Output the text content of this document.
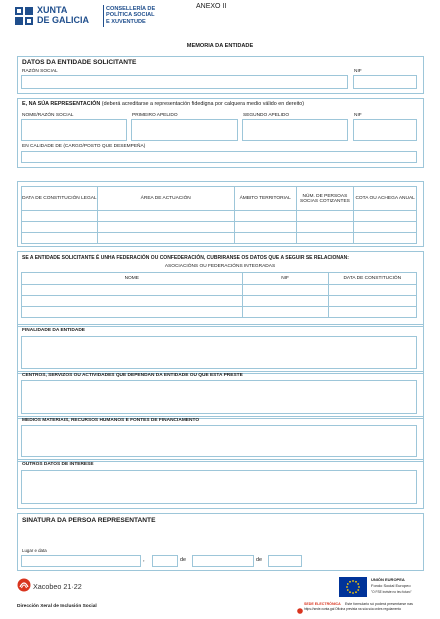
XUNTA
DE GALICIA
CONSELLERÍA DE
POLÍTICA SOCIAL
E XUVENTUDE
ANEXO II
MEMORIA DA ENTIDADE
DATOS DA ENTIDADE SOLICITANTE
RAZÓN SOCIAL	NIF
E, NA SÚA REPRESENTACIÓN (deberá acreditarse a representación fidedigna por calquera medio válido en dereito)
NOME/RAZÓN SOCIAL	PRIMEIRO APELIDO	SEGUNDO APELIDO	NIF
EN CALIDADE DE (CARGO/POSTO QUE DESEMPEÑA)
DATA DE CONSTITUCIÓN LEGAL	ÁREA DE ACTUACIÓN	ÁMBITO TERRITORIAL	NÚM. DE PERSOAS SOCIAS COTIZANTES	COTA OU ACHEGA ANUAL

SE A ENTIDADE SOLICITANTE É UNHA FEDERACIÓN OU CONFEDERACIÓN, CUBRIRANSE OS DATOS QUE A SEGUIR SE RELACIONAN:
ASOCIACIÓNS OU FEDERACIÓNS INTEGRADAS
NOME	NIF	DATA DE CONSTITUCIÓN

FINALIDADE DA ENTIDADE
CENTROS, SERVIZOS OU ACTIVIDADES QUE DEPENDAN DA ENTIDADE OU QUE ESTA PRESTE
MEDIOS MATERIAIS, RECURSOS HUMANOS E FONTES DE FINANCIAMENTO
OUTROS DATOS DE INTERESE
SINATURA DA PERSOA REPRESENTANTE
Lugar e data
,	de	de
Xacobeo 21·22
UNIÓN EUROPEA
Fondo Social Europeo
"O FSE inviste no teu futuro"
Dirección Xeral de Inclusión Social	SEDE ELECTRÓNICA Este formulario só poderá presentarse nas
https://sede.xunta.gal Oficina prevista na súa súa ordes regulamento
